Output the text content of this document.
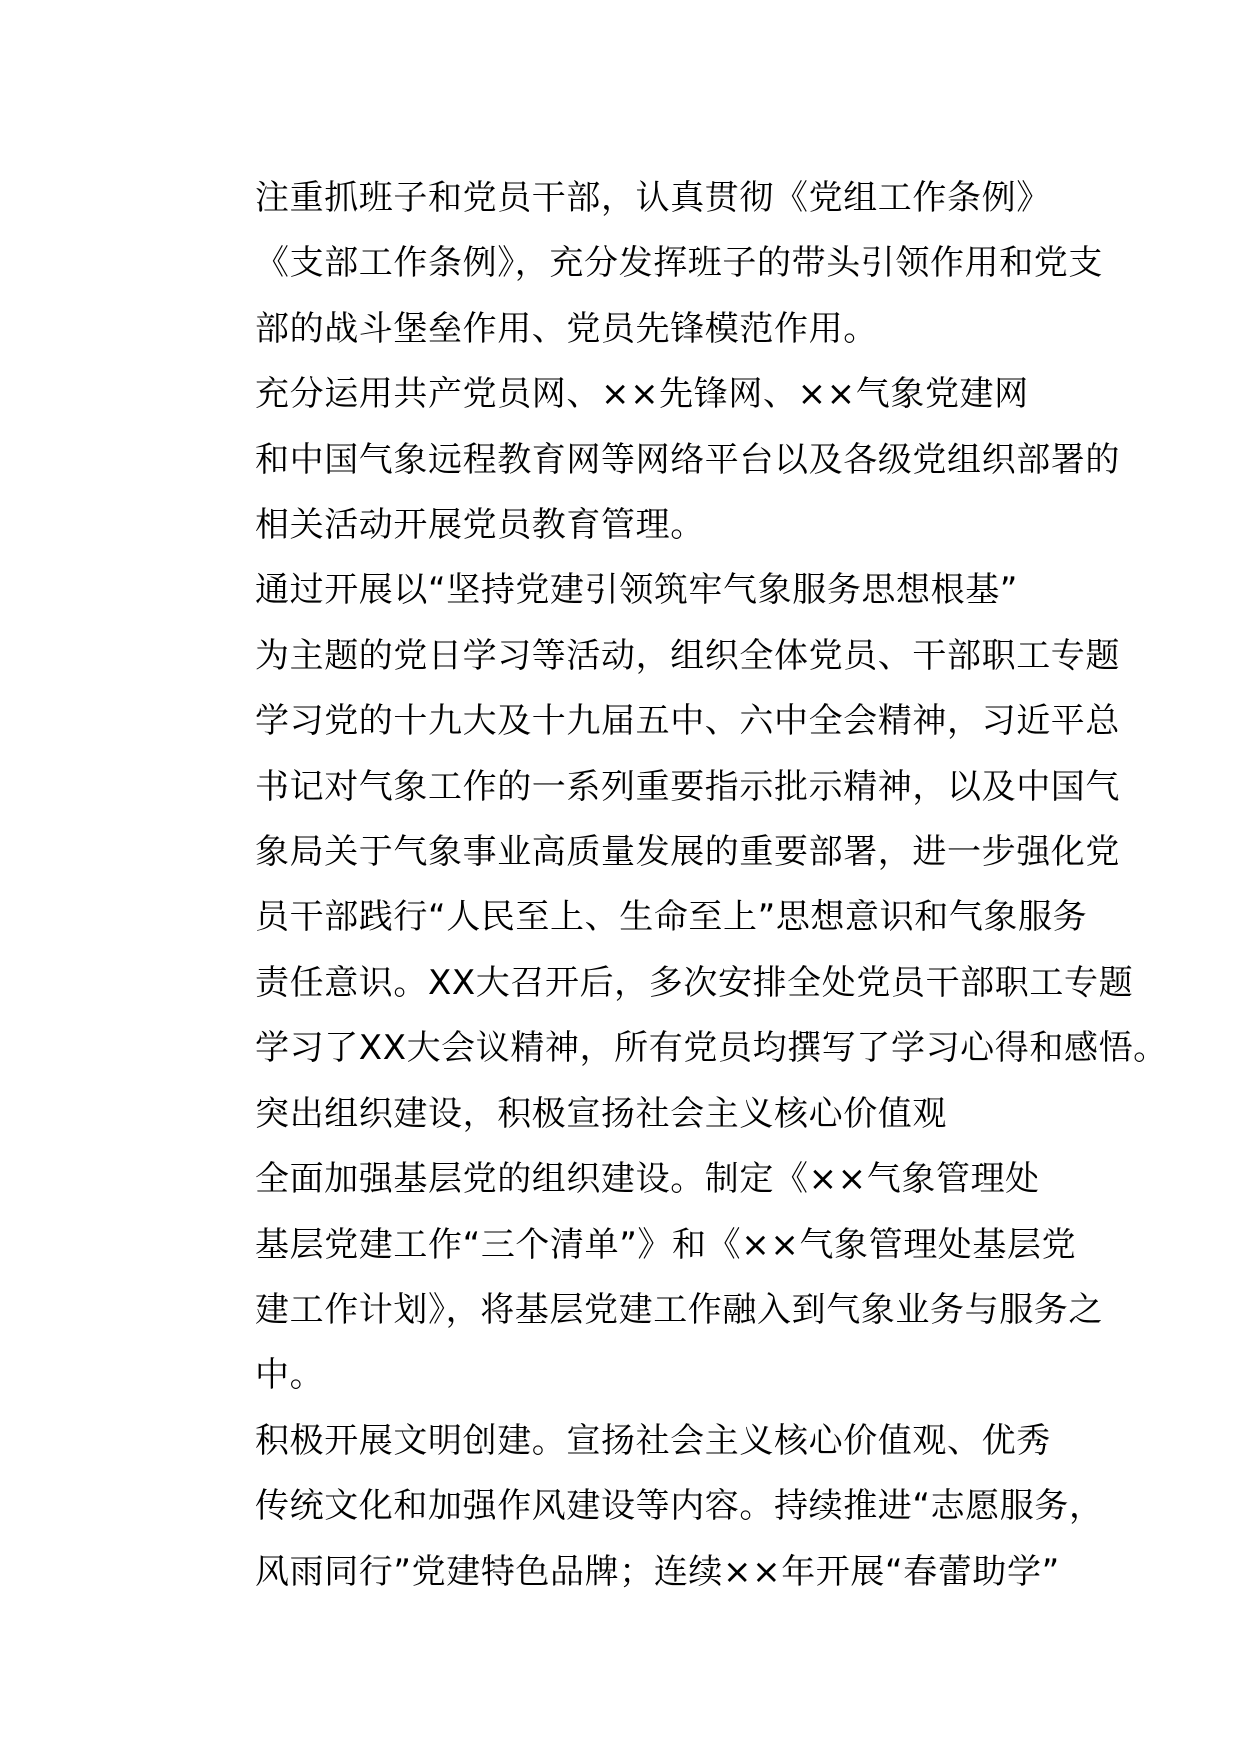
注重抓班子和党员干部，认真贯彻《党组工作条例》
《支部工作条例》，充分发挥班子的带头引领作用和党支
部的战斗堡垒作用、党员先锋模范作用。

充分运用共产党员网、××先锋网、××气象党建网
和中国气象远程教育网等网络平台以及各级党组织部署的
相关活动开展党员教育管理。

通过开展以“坚持党建引领筑牢气象服务思想根基”
为主题的党日学习等活动，组织全体党员、干部职工专题
学习党的十九大及十九届五中、六中全会精神，习近平总
书记对气象工作的一系列重要指示批示精神，以及中国气
象局关于气象事业高质量发展的重要部署，进一步强化党
员干部践行“人民至上、生命至上”思想意识和气象服务
责任意识。XX大召开后，多次安排全处党员干部职工专题
学习了XX大会议精神，所有党员均撰写了学习心得和感悟。

突出组织建设，积极宣扬社会主义核心价值观

全面加强基层党的组织建设。制定《××气象管理处
基层党建工作“三个清单”》和《××气象管理处基层党
建工作计划》，将基层党建工作融入到气象业务与服务之
中。

积极开展文明创建。宣扬社会主义核心价值观、优秀
传统文化和加强作风建设等内容。持续推进“志愿服务，
风雨同行”党建特色品牌；连续××年开展“春蕾助学”
